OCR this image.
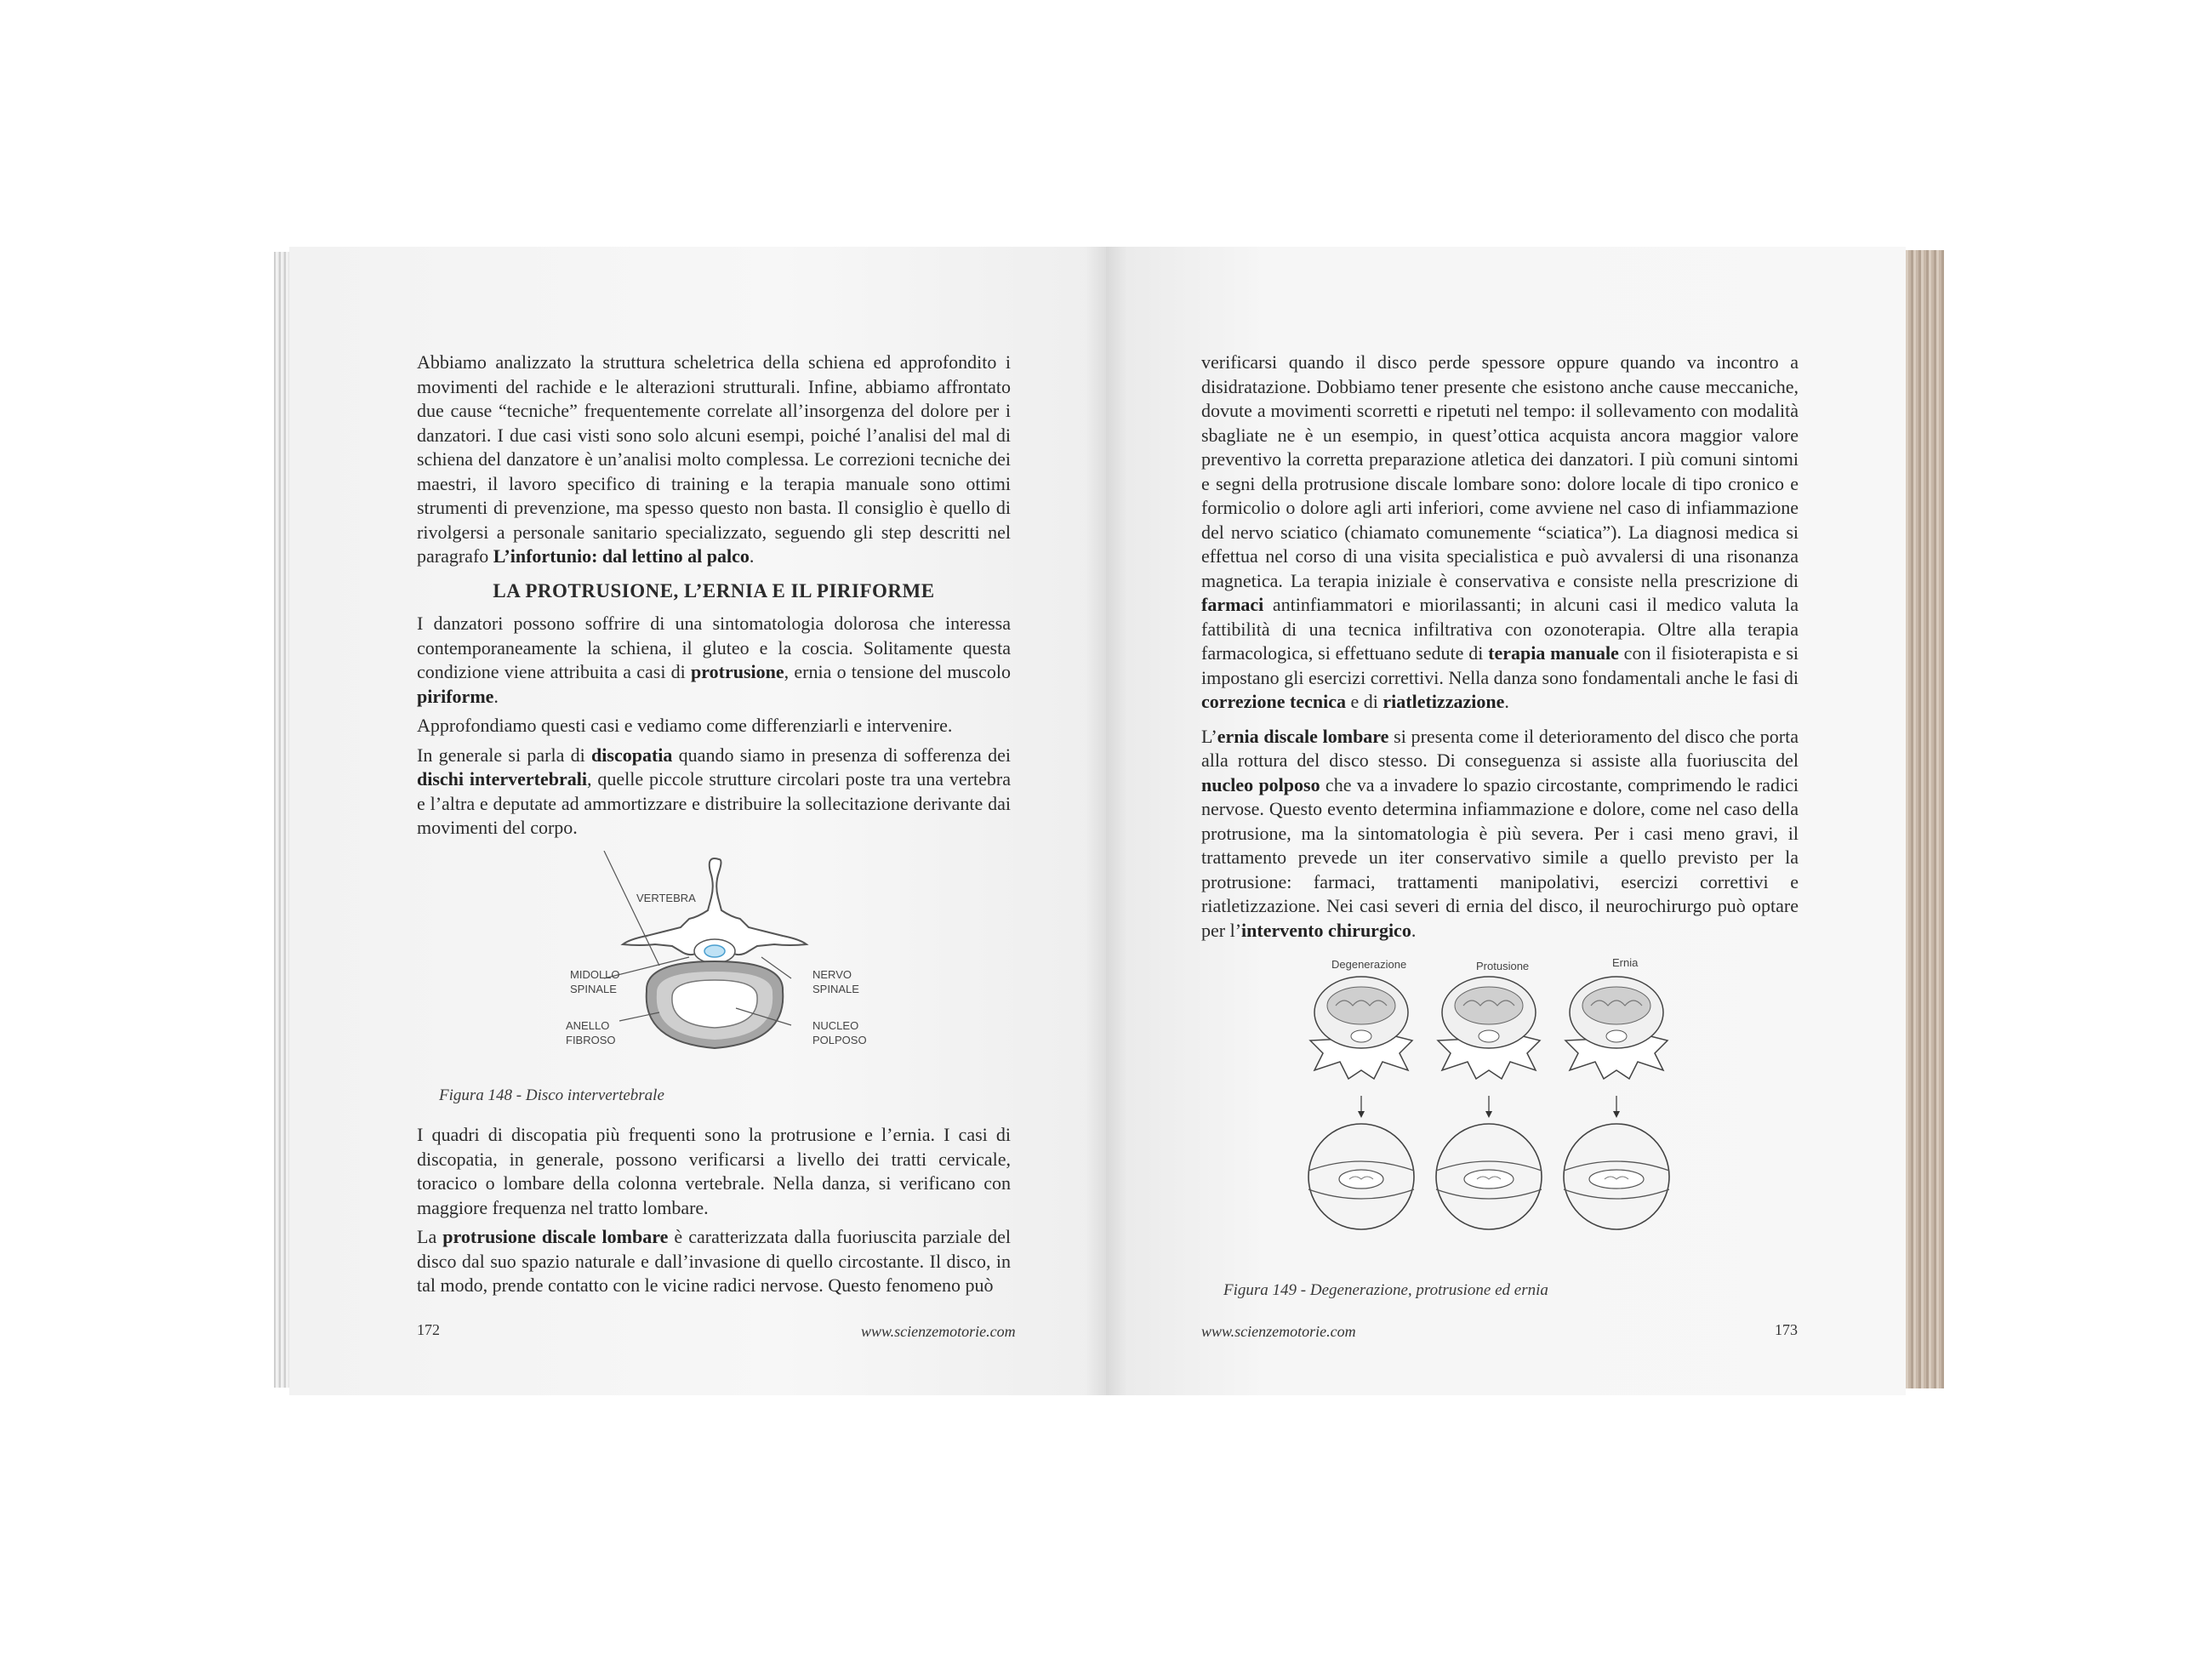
Abbiamo analizzato la struttura scheletrica della schiena ed approfondito i movimenti del rachide e le alterazioni strutturali. Infine, abbiamo affrontato due cause “tecniche” frequentemente correlate all’insorgenza del dolore per i danzatori. I due casi visti sono solo alcuni esempi, poiché l’analisi del mal di schiena del danzatore è un’analisi molto complessa. Le correzioni tecniche dei maestri, il lavoro specifico di training e la terapia manuale sono ottimi strumenti di prevenzione, ma spesso questo non basta. Il consiglio è quello di rivolgersi a personale sanitario specializzato, seguendo gli step descritti nel paragrafo L’infortunio: dal lettino al palco.

LA PROTRUSIONE, L’ERNIA E IL PIRIFORME

I danzatori possono soffrire di una sintomatologia dolorosa che interessa contemporaneamente la schiena, il gluteo e la coscia. Solitamente questa condizione viene attribuita a casi di protrusione, ernia o tensione del muscolo piriforme.

Approfondiamo questi casi e vediamo come differenziarli e intervenire.

In generale si parla di discopatia quando siamo in presenza di sofferenza dei dischi intervertebrali, quelle piccole strutture circolari poste tra una vertebra e l’altra e deputate ad ammortizzare e distribuire la sollecitazione derivante dai movimenti del corpo.

VERTEBRA
MIDOLLO
SPINALE
NERVO
SPINALE
ANELLO
FIBROSO
NUCLEO
POLPOSO
Figura 148 - Disco intervertebrale

I quadri di discopatia più frequenti sono la protrusione e l’ernia. I casi di discopatia, in generale, possono verificarsi a livello dei tratti cervicale, toracico o lombare della colonna vertebrale. Nella danza, si verificano con maggiore frequenza nel tratto lombare.

La protrusione discale lombare è caratterizzata dalla fuoriuscita parziale del disco dal suo spazio naturale e dall’invasione di quello circostante. Il disco, in tal modo, prende contatto con le vicine radici nervose. Questo fenomeno può

172	www.scienzemotorie.com

verificarsi quando il disco perde spessore oppure quando va incontro a disidratazione. Dobbiamo tener presente che esistono anche cause meccaniche, dovute a movimenti scorretti e ripetuti nel tempo: il sollevamento con modalità sbagliate ne è un esempio, in quest’ottica acquista ancora maggior valore preventivo la corretta preparazione atletica dei danzatori. I più comuni sintomi e segni della protrusione discale lombare sono: dolore locale di tipo cronico e formicolio o dolore agli arti inferiori, come avviene nel caso di infiammazione del nervo sciatico (chiamato comunemente “sciatica”). La diagnosi medica si effettua nel corso di una visita specialistica e può avvalersi di una risonanza magnetica. La terapia iniziale è conservativa e consiste nella prescrizione di farmaci antinfiammatori e miorilassanti; in alcuni casi il medico valuta la fattibilità di una tecnica infiltrativa con ozonoterapia. Oltre alla terapia farmacologica, si effettuano sedute di terapia manuale con il fisioterapista e si impostano gli esercizi correttivi. Nella danza sono fondamentali anche le fasi di correzione tecnica e di riatletizzazione.

L’ernia discale lombare si presenta come il deterioramento del disco che porta alla rottura del disco stesso. Di conseguenza si assiste alla fuoriuscita del nucleo polposo che va a invadere lo spazio circostante, comprimendo le radici nervose. Questo evento determina infiammazione e dolore, come nel caso della protrusione, ma la sintomatologia è più severa. Per i casi meno gravi, il trattamento prevede un iter conservativo simile a quello previsto per la protrusione: farmaci, trattamenti manipolativi, esercizi correttivi e riatletizzazione. Nei casi severi di ernia del disco, il neurochirurgo può optare per l’intervento chirurgico.

Degenerazione	Protusione	Ernia
Figura 149 - Degenerazione, protrusione ed ernia
www.scienzemotorie.com	173
